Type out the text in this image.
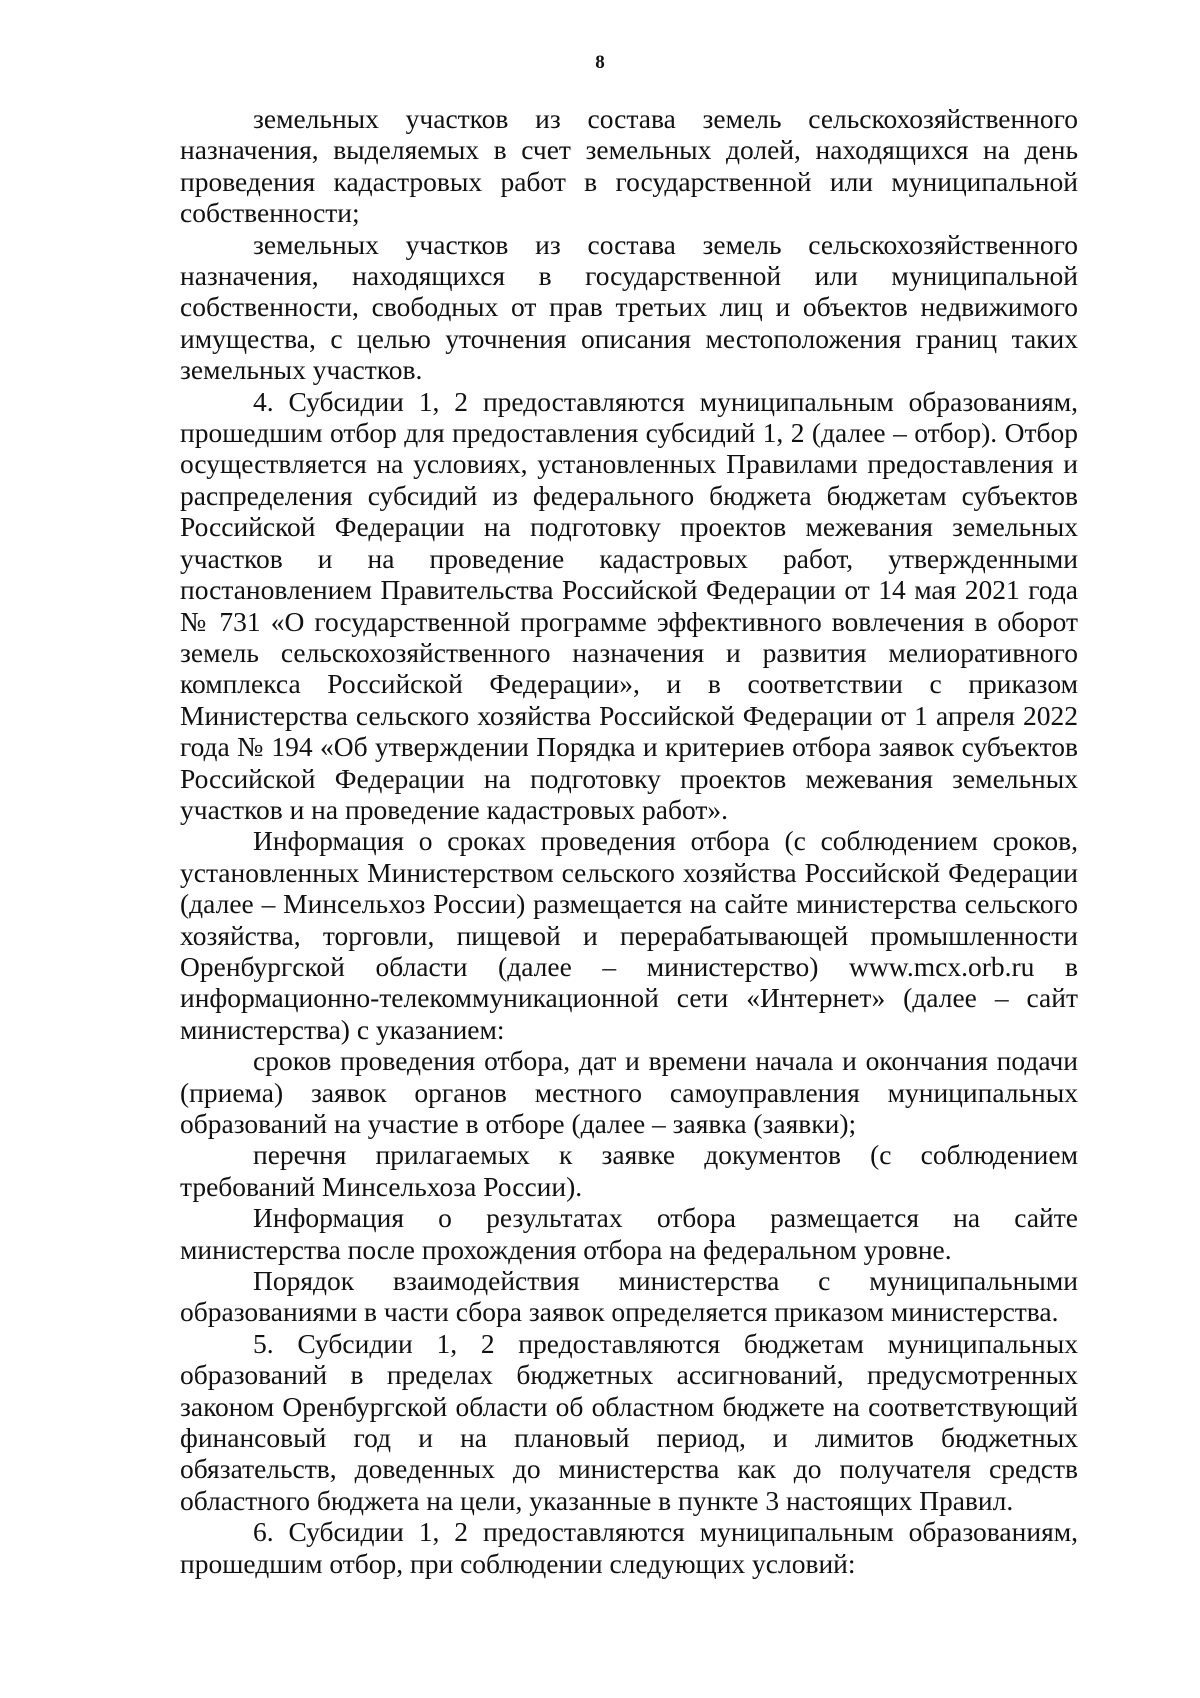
8

земельных участков из состава земель сельскохозяйственного назначения, выделяемых в счет земельных долей, находящихся на день проведения кадастровых работ в государственной или муниципальной собственности;

земельных участков из состава земель сельскохозяйственного назначения, находящихся в государственной или муниципальной собственности, свободных от прав третьих лиц и объектов недвижимого имущества, с целью уточнения описания местоположения границ таких земельных участков.

4. Субсидии 1, 2 предоставляются муниципальным образованиям, прошедшим отбор для предоставления субсидий 1, 2 (далее – отбор). Отбор осуществляется на условиях, установленных Правилами предоставления и распределения субсидий из федерального бюджета бюджетам субъектов Российской Федерации на подготовку проектов межевания земельных участков и на проведение кадастровых работ, утвержденными постановлением Правительства Российской Федерации от 14 мая 2021 года № 731 «О государственной программе эффективного вовлечения в оборот земель сельскохозяйственного назначения и развития мелиоративного комплекса Российской Федерации», и в соответствии с приказом Министерства сельского хозяйства Российской Федерации от 1 апреля 2022 года № 194 «Об утверждении Порядка и критериев отбора заявок субъектов Российской Федерации на подготовку проектов межевания земельных участков и на проведение кадастровых работ».

Информация о сроках проведения отбора (с соблюдением сроков, установленных Министерством сельского хозяйства Российской Федерации (далее – Минсельхоз России) размещается на сайте министерства сельского хозяйства, торговли, пищевой и перерабатывающей промышленности Оренбургской области (далее – министерство) www.mcx.orb.ru в информационно-телекоммуникационной сети «Интернет» (далее – сайт министерства) с указанием:

сроков проведения отбора, дат и времени начала и окончания подачи (приема) заявок органов местного самоуправления муниципальных образований на участие в отборе (далее – заявка (заявки);

перечня прилагаемых к заявке документов (с соблюдением требований Минсельхоза России).

Информация о результатах отбора размещается на сайте министерства после прохождения отбора на федеральном уровне.

Порядок взаимодействия министерства с муниципальными образованиями в части сбора заявок определяется приказом министерства.

5. Субсидии 1, 2 предоставляются бюджетам муниципальных образований в пределах бюджетных ассигнований, предусмотренных законом Оренбургской области об областном бюджете на соответствующий финансовый год и на плановый период, и лимитов бюджетных обязательств, доведенных до министерства как до получателя средств областного бюджета на цели, указанные в пункте 3 настоящих Правил.

6. Субсидии 1, 2 предоставляются муниципальным образованиям, прошедшим отбор, при соблюдении следующих условий:
